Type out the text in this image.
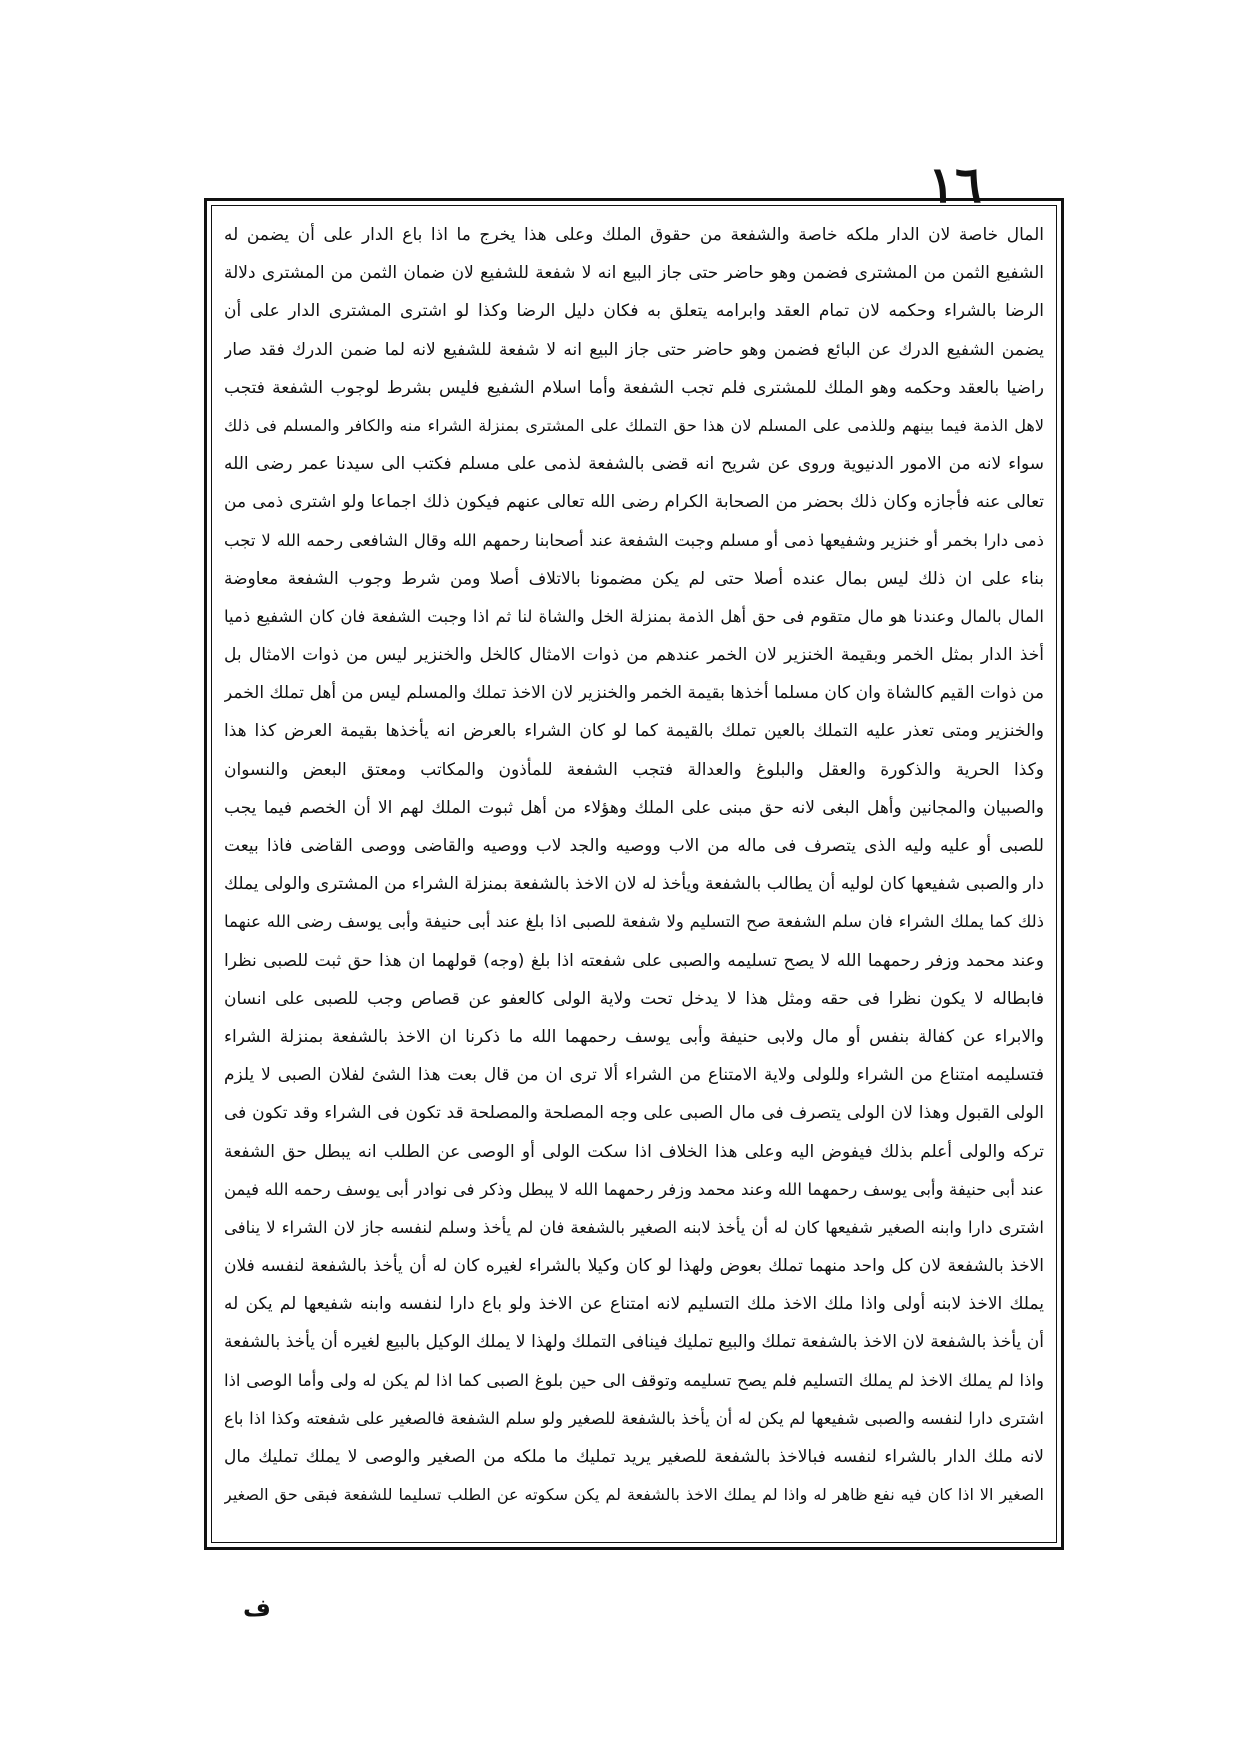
١٦
المال خاصة لان الدار ملكه خاصة والشفعة من حقوق الملك وعلى هذا يخرج ما اذا باع الدار على أن يضمن له
الشفيع الثمن من المشترى فضمن وهو حاضر حتى جاز البيع انه لا شفعة للشفيع لان ضمان الثمن من المشترى دلالة
الرضا بالشراء وحكمه لان تمام العقد وابرامه يتعلق به فكان دليل الرضا وكذا لو اشترى المشترى الدار على أن
يضمن الشفيع الدرك عن البائع فضمن وهو حاضر حتى جاز البيع انه لا شفعة للشفيع لانه لما ضمن الدرك فقد صار
راضيا بالعقد وحكمه وهو الملك للمشترى فلم تجب الشفعة وأما اسلام الشفيع فليس بشرط لوجوب الشفعة فتجب
لاهل الذمة فيما بينهم وللذمى على المسلم لان هذا حق التملك على المشترى بمنزلة الشراء منه والكافر والمسلم فى ذلك
سواء لانه من الامور الدنيوية وروى عن شريح انه قضى بالشفعة لذمى على مسلم فكتب الى سيدنا عمر رضى الله
تعالى عنه فأجازه وكان ذلك بحضر من الصحابة الكرام رضى الله تعالى عنهم فيكون ذلك اجماعا ولو اشترى ذمى من
ذمى دارا بخمر أو خنزير وشفيعها ذمى أو مسلم وجبت الشفعة عند أصحابنا رحمهم الله وقال الشافعى رحمه الله لا تجب
بناء على ان ذلك ليس بمال عنده أصلا حتى لم يكن مضمونا بالاتلاف أصلا ومن شرط وجوب الشفعة معاوضة
المال بالمال وعندنا هو مال متقوم فى حق أهل الذمة بمنزلة الخل والشاة لنا ثم اذا وجبت الشفعة فان كان الشفيع ذميا
أخذ الدار بمثل الخمر وبقيمة الخنزير لان الخمر عندهم من ذوات الامثال كالخل والخنزير ليس من ذوات الامثال بل
من ذوات القيم كالشاة وان كان مسلما أخذها بقيمة الخمر والخنزير لان الاخذ تملك والمسلم ليس من أهل تملك الخمر
والخنزير ومتى تعذر عليه التملك بالعين تملك بالقيمة كما لو كان الشراء بالعرض انه يأخذها بقيمة العرض كذا هذا
وكذا الحرية والذكورة والعقل والبلوغ والعدالة فتجب الشفعة للمأذون والمكاتب ومعتق البعض والنسوان
والصبيان والمجانين وأهل البغى لانه حق مبنى على الملك وهؤلاء من أهل ثبوت الملك لهم الا أن الخصم فيما يجب
للصبى أو عليه وليه الذى يتصرف فى ماله من الاب ووصيه والجد لاب ووصيه والقاضى ووصى القاضى فاذا بيعت
دار والصبى شفيعها كان لوليه أن يطالب بالشفعة ويأخذ له لان الاخذ بالشفعة بمنزلة الشراء من المشترى والولى يملك
ذلك كما يملك الشراء فان سلم الشفعة صح التسليم ولا شفعة للصبى اذا بلغ عند أبى حنيفة وأبى يوسف رضى الله عنهما
وعند محمد وزفر رحمهما الله لا يصح تسليمه والصبى على شفعته اذا بلغ (وجه) قولهما ان هذا حق ثبت للصبى نظرا
فابطاله لا يكون نظرا فى حقه ومثل هذا لا يدخل تحت ولاية الولى كالعفو عن قصاص وجب للصبى على انسان
والابراء عن كفالة بنفس أو مال ولابى حنيفة وأبى يوسف رحمهما الله ما ذكرنا ان الاخذ بالشفعة بمنزلة الشراء
فتسليمه امتناع من الشراء وللولى ولاية الامتناع من الشراء ألا ترى ان من قال بعت هذا الشئ لفلان الصبى لا يلزم
الولى القبول وهذا لان الولى يتصرف فى مال الصبى على وجه المصلحة والمصلحة قد تكون فى الشراء وقد تكون فى
تركه والولى أعلم بذلك فيفوض اليه وعلى هذا الخلاف اذا سكت الولى أو الوصى عن الطلب انه يبطل حق الشفعة
عند أبى حنيفة وأبى يوسف رحمهما الله وعند محمد وزفر رحمهما الله لا يبطل وذكر فى نوادر أبى يوسف رحمه الله فيمن
اشترى دارا وابنه الصغير شفيعها كان له أن يأخذ لابنه الصغير بالشفعة فان لم يأخذ وسلم لنفسه جاز لان الشراء لا ينافى
الاخذ بالشفعة لان كل واحد منهما تملك بعوض ولهذا لو كان وكيلا بالشراء لغيره كان له أن يأخذ بالشفعة لنفسه فلان
يملك الاخذ لابنه أولى واذا ملك الاخذ ملك التسليم لانه امتناع عن الاخذ ولو باع دارا لنفسه وابنه شفيعها لم يكن له
أن يأخذ بالشفعة لان الاخذ بالشفعة تملك والبيع تمليك فينافى التملك ولهذا لا يملك الوكيل بالبيع لغيره أن يأخذ بالشفعة
واذا لم يملك الاخذ لم يملك التسليم فلم يصح تسليمه وتوقف الى حين بلوغ الصبى كما اذا لم يكن له ولى وأما الوصى اذا
اشترى دارا لنفسه والصبى شفيعها لم يكن له أن يأخذ بالشفعة للصغير ولو سلم الشفعة فالصغير على شفعته وكذا اذا باع
لانه ملك الدار بالشراء لنفسه فبالاخذ بالشفعة للصغير يريد تمليك ما ملكه من الصغير والوصى لا يملك تمليك مال
الصغير الا اذا كان فيه نفع ظاهر له واذا لم يملك الاخذ بالشفعة لم يكن سكوته عن الطلب تسليما للشفعة فبقى حق الصغير
ف
